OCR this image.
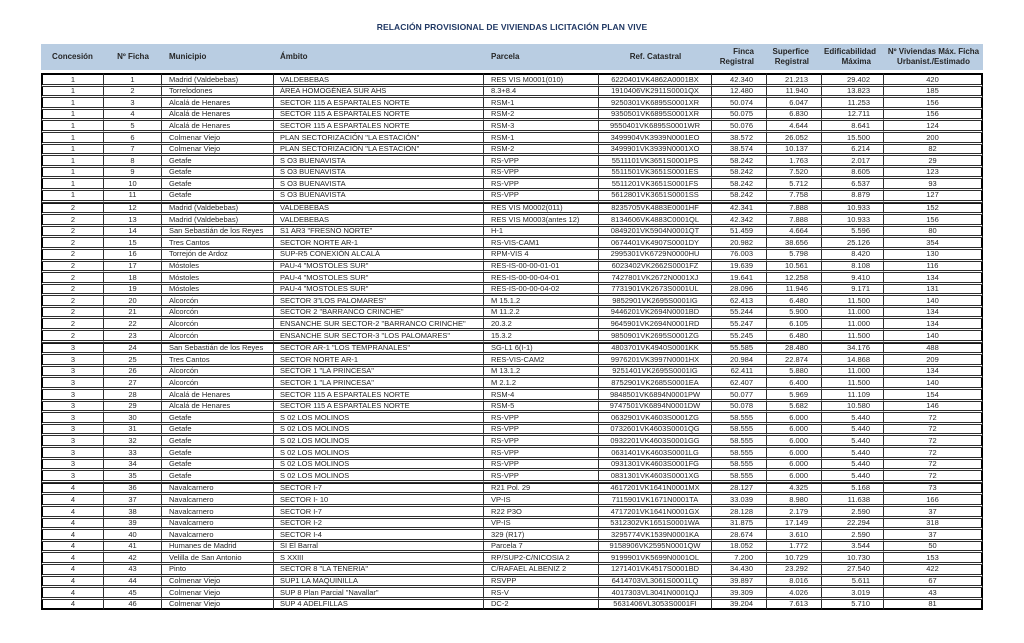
RELACIÓN PROVISIONAL DE VIVIENDAS LICITACIÓN PLAN VIVE
Concesión	Nº Ficha	Municipio	Ámbito	Parcela	Ref. Catastral	Finca Registral	Superfice Registral	Edificabilidad Máxima	Nº Viviendas Máx. Ficha Urbanist./Estimado
1	1	Madrid (Valdebebas)	VALDEBEBAS	RES VIS M0001(010)	6220401VK4862A0001BX	42.340	21.213	29.402	420
1	2	Torrelodones	ÁREA HOMOGÉNEA SUR AHS	8.3+8.4	1910406VK2911S0001QX	12.480	11.940	13.823	185
1	3	Alcalá de Henares	SECTOR 115 A ESPARTALES NORTE	RSM-1	9250301VK6895S0001XR	50.074	6.047	11.253	156
1	4	Alcalá de Henares	SECTOR 115 A ESPARTALES NORTE	RSM-2	9350501VK6895S0001XR	50.075	6.830	12.711	156
1	5	Alcalá de Henares	SECTOR 115 A ESPARTALES NORTE	RSM-3	9550401VK6895S0001WR	50.076	4.644	8.641	124
1	6	Colmenar Viejo	PLAN SECTORIZACIÓN "LA ESTACIÓN"	RSM-1	3499904VK3939N0001EO	38.572	26.052	15.500	200
1	7	Colmenar Viejo	PLAN SECTORIZACIÓN "LA ESTACIÓN"	RSM-2	3499901VK3939N0001XO	38.574	10.137	6.214	82
1	8	Getafe	S O3 BUENAVISTA	RS-VPP	5511101VK3651S0001PS	58.242	1.763	2.017	29
1	9	Getafe	S O3 BUENAVISTA	RS-VPP	5511501VK3651S0001ES	58.242	7.520	8.605	123
1	10	Getafe	S O3 BUENAVISTA	RS-VPP	5511201VK3651S0001FS	58.242	5.712	6.537	93
1	11	Getafe	S O3 BUENAVISTA	RS-VPP	5612801VK3651S0001SS	58.242	7.758	8.879	127
2	12	Madrid (Valdebebas)	VALDEBEBAS	RES VIS M0002(011)	8235705VK4883E0001HF	42.341	7.888	10.933	152
2	13	Madrid (Valdebebas)	VALDEBEBAS	RES VIS M0003(antes 12)	8134606VK4883C0001QL	42.342	7.888	10.933	156
2	14	San Sebastián de los Reyes	S1 AR3 "FRESNO NORTE"	H-1	0849201VK5904N0001QT	51.459	4.664	5.596	80
2	15	Tres Cantos	SECTOR NORTE AR-1	RS-VIS-CAM1	0674401VK4907S0001DY	20.982	38.656	25.126	354
2	16	Torrejón de Ardoz	SUP-R5 CONEXIÓN ALCALÁ	RPM-VIS 4	2995301VK6729N0000HU	76.003	5.798	8.420	130
2	17	Móstoles	PAU-4 "MOSTOLES SUR"	RES-IS-00-00-01-01	6023402VK2662S0001FZ	19.639	10.561	8.108	116
2	18	Móstoles	PAU-4 "MOSTOLES SUR"	RES-IS-00-00-04-01	7427801VK2672N0001XJ	19.641	12.258	9.410	134
2	19	Móstoles	PAU-4 "MOSTOLES SUR"	RES-IS-00-00-04-02	7731901VK2673S0001UL	28.096	11.946	9.171	131
2	20	Alcorcón	SECTOR 3"LOS PALOMARES"	M 15.1.2	9852901VK2695S0001IG	62.413	6.480	11.500	140
2	21	Alcorcón	SECTOR 2 "BARRANCO CRINCHE"	M 11.2.2	9446201VK2694N0001BD	55.244	5.900	11.000	134
2	22	Alcorcón	ENSANCHE SUR SECTOR-2 "BARRANCO CRINCHE"	20.3.2	9645901VK2694N0001RD	55.247	6.105	11.000	134
2	23	Alcorcón	ENSANCHE SUR SECTOR-3 "LOS PALOMARES"	15.3.2	9850901VK2695S0001ZG	55.245	6.480	11.500	140
3	24	San Sebastián de los Reyes	SECTOR AR-1 "LOS TEMPRANALES"	SG-L1 6(I-1)	4803701VK4940S0001KK	55.585	28.480	34.176	488
3	25	Tres Cantos	SECTOR NORTE AR-1	RES-VIS-CAM2	9976201VK3997N0001HX	20.984	22.874	14.868	209
3	26	Alcorcón	SECTOR 1 "LA PRINCESA"	M 13.1.2	9251401VK2695S0001IG	62.411	5.880	11.000	134
3	27	Alcorcón	SECTOR 1 "LA PRINCESA"	M 2.1.2	8752901VK2685S0001EA	62.407	6.400	11.500	140
3	28	Alcalá de Henares	SECTOR 115 A ESPARTALES NORTE	RSM-4	9848501VK6894N0001PW	50.077	5.969	11.109	154
3	29	Alcalá de Henares	SECTOR 115 A ESPARTALES NORTE	RSM-5	9747501VK6894N0001DW	50.078	5.682	10.580	146
3	30	Getafe	S 02 LOS MOLINOS	RS-VPP	0632901VK4603S0001ZG	58.555	6.000	5.440	72
3	31	Getafe	S 02 LOS MOLINOS	RS-VPP	0732601VK4603S0001QG	58.555	6.000	5.440	72
3	32	Getafe	S 02 LOS MOLINOS	RS-VPP	0932201VK4603S0001GG	58.555	6.000	5.440	72
3	33	Getafe	S 02 LOS MOLINOS	RS-VPP	0631401VK4603S0001LG	58.555	6.000	5.440	72
3	34	Getafe	S 02 LOS MOLINOS	RS-VPP	0931301VK4603S0001FG	58.555	6.000	5.440	72
3	35	Getafe	S 02 LOS MOLINOS	RS-VPP	0831301VK4603S0001XG	58.555	6.000	5.440	72
4	36	Navalcarnero	SECTOR I-7	R21 Pol. 29	4617201VK1641N0001MX	28.127	4.325	5.168	73
4	37	Navalcarnero	SECTOR I- 10	VP-IS	7115901VK1671N0001TA	33.039	8.980	11.638	166
4	38	Navalcarnero	SECTOR I-7	R22 P3O	4717201VK1641N0001GX	28.128	2.179	2.590	37
4	39	Navalcarnero	SECTOR I-2	VP-IS	5312302VK1651S0001WA	31.875	17.149	22.294	318
4	40	Navalcarnero	SECTOR I-4	329 (R17)	3295774VK1539N0001KA	28.674	3.610	2.590	37
4	41	Humanes de Madrid	SI El Barral	Parcela 7	9158906VK2595N0001QW	18.052	1.772	3.544	50
4	42	Velilla de San Antonio	S XXIII	RP/SUP2-C/NICOSIA 2	9199901VK5699N0001OL	7.200	10.729	10.730	153
4	43	Pinto	SECTOR 8 "LA TENERIA"	C/RAFAEL ALBENIZ 2	1271401VK4517S0001BD	34.430	23.292	27.540	422
4	44	Colmenar Viejo	SUP1 LA MAQUINILLA	RSVPP	6414703VL3061S0001LQ	39.897	8.016	5.611	67
4	45	Colmenar Viejo	SUP 8 Plan Parcial "Navallar"	RS-V	4017303VL3041N0001QJ	39.309	4.026	3.019	43
4	46	Colmenar Viejo	SUP 4 ADELFILLAS	DC-2	5631406VL3053S0001FI	39.204	7.613	5.710	81
